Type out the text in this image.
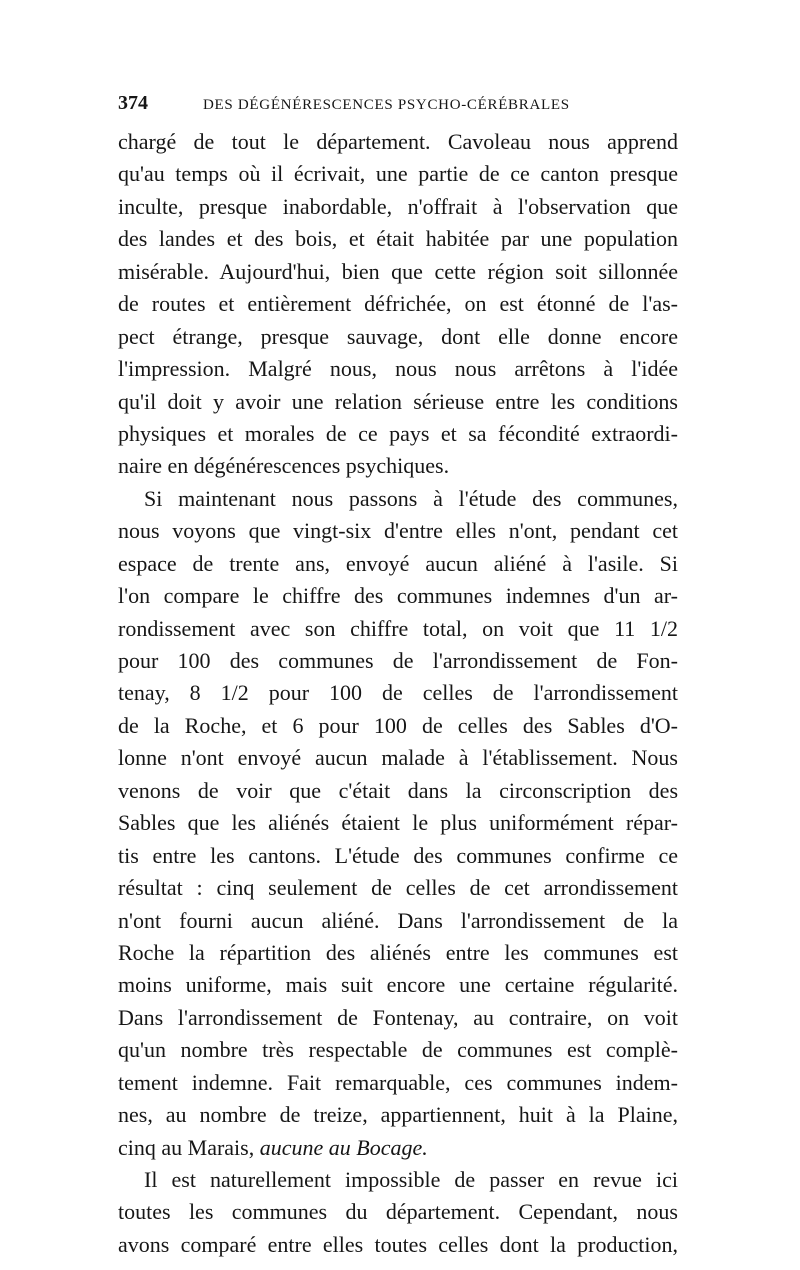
374	DES DÉGÉNÉRESCENCES PSYCHO-CÉRÉBRALES
chargé de tout le département. Cavoleau nous apprend
qu'au temps où il écrivait, une partie de ce canton presque
inculte, presque inabordable, n'offrait à l'observation que
des landes et des bois, et était habitée par une population
misérable. Aujourd'hui, bien que cette région soit sillonnée
de routes et entièrement défrichée, on est étonné de l'as-
pect étrange, presque sauvage, dont elle donne encore
l'impression. Malgré nous, nous nous arrêtons à l'idée
qu'il doit y avoir une relation sérieuse entre les conditions
physiques et morales de ce pays et sa fécondité extraordi-
naire en dégénérescences psychiques.
Si maintenant nous passons à l'étude des communes,
nous voyons que vingt-six d'entre elles n'ont, pendant cet
espace de trente ans, envoyé aucun aliéné à l'asile. Si
l'on compare le chiffre des communes indemnes d'un ar-
rondissement avec son chiffre total, on voit que 11 1/2
pour 100 des communes de l'arrondissement de Fon-
tenay, 8 1/2 pour 100 de celles de l'arrondissement
de la Roche, et 6 pour 100 de celles des Sables d'O-
lonne n'ont envoyé aucun malade à l'établissement. Nous
venons de voir que c'était dans la circonscription des
Sables que les aliénés étaient le plus uniformément répar-
tis entre les cantons. L'étude des communes confirme ce
résultat : cinq seulement de celles de cet arrondissement
n'ont fourni aucun aliéné. Dans l'arrondissement de la
Roche la répartition des aliénés entre les communes est
moins uniforme, mais suit encore une certaine régularité.
Dans l'arrondissement de Fontenay, au contraire, on voit
qu'un nombre très respectable de communes est complè-
tement indemne. Fait remarquable, ces communes indem-
nes, au nombre de treize, appartiennent, huit à la Plaine,
cinq au Marais, aucune au Bocage.
Il est naturellement impossible de passer en revue ici
toutes les communes du département. Cependant, nous
avons comparé entre elles toutes celles dont la production,
